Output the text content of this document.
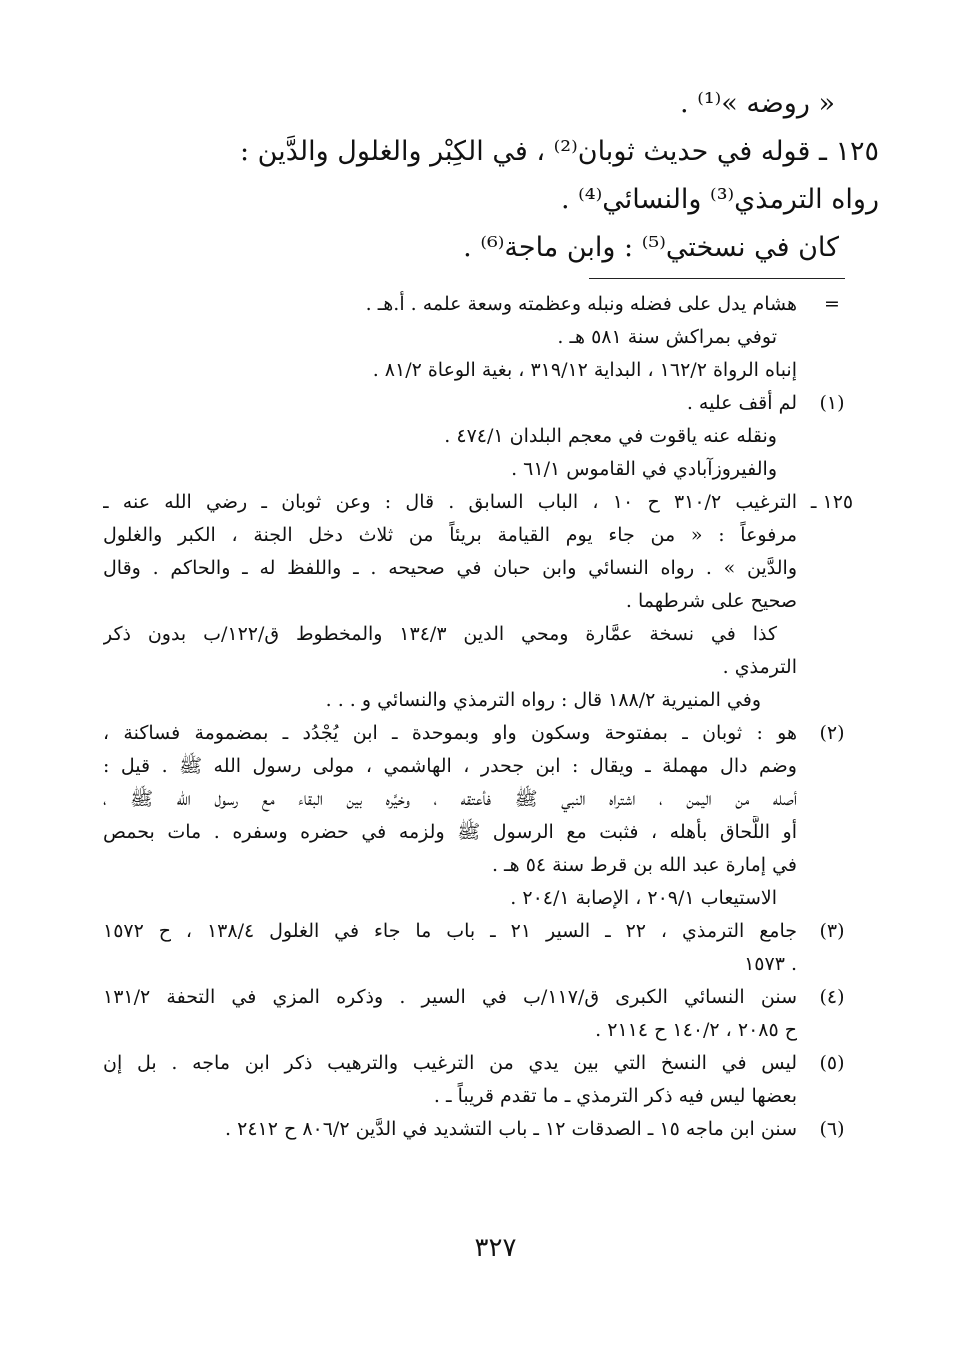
« روضه »⁽¹⁾ .

١٢٥ ـ قوله في حديث ثوبان⁽²⁾ ، في الكِبْر والغلول والدَّين :

رواه الترمذي⁽³⁾ والنسائي⁽⁴⁾ .

كان في نسختي⁽⁵⁾ : وابن ماجة⁽⁶⁾ .

=
هشام يدل على فضله ونبله وعظمته وسعة علمه . أ.هـ .
توفي بمراكش سنة ٥٨١ هـ .
إنباه الرواة ١٦٢/٢ ، البداية ٣١٩/١٢ ، بغية الوعاة ٨١/٢ .
(١)
لم أقف عليه .
ونقله عنه ياقوت في معجم البلدان ٤٧٤/١ .
والفيروزآبادي في القاموس ٦١/١ .
١٢٥ ـ
الترغيب ٣١٠/٢ ح ١٠ ، الباب السابق . قال : وعن ثوبان ـ رضي الله عنه ـ
مرفوعاً : « من جاء يوم القيامة بريئاً من ثلاث دخل الجنة ، الكبر والغلول
والدَّين » . رواه النسائي وابن حبان في صحيحه . ـ واللفظ له ـ والحاكم . وقال
صحيح على شرطهما .
كذا في نسخة عمَّارة ومحي الدين ١٣٤/٣ والمخطوط ق/١٢٢/ب بدون ذكر
الترمذي .
وفي المنيرية ١٨٨/٢ قال : رواه الترمذي والنسائي و . . .
(٢)
هو : ثوبان ـ بمفتوحة وسكون واو وبموحدة ـ ابن يُجْدُد ـ بمضمومة فساكنة ،
وضم دال مهملة ـ ويقال : ابن جحدر ، الهاشمي ، مولى رسول الله ﷺ . قيل :
أصله من اليمن ، اشتراه النبي ﷺ فأعتقه ، وخيَّره بين البقاء مع رسول الله ﷺ ،
أو اللَّحاق بأهله ، فثبت مع الرسول ﷺ ولزمه في حضره وسفره . مات بحمص
في إمارة عبد الله بن قرط سنة ٥٤ هـ .
الاستيعاب ٢٠٩/١ ، الإصابة ٢٠٤/١ .
(٣)
جامع الترمذي ، ٢٢ ـ السير ٢١ ـ باب ما جاء في الغلول ١٣٨/٤ ، ح ١٥٧٢
. ١٥٧٣
(٤)
سنن النسائي الكبرى ق/١١٧/ب في السير . وذكره المزي في التحفة ١٣١/٢
ح ٢٠٨٥ ، ١٤٠/٢ ح ٢١١٤ .
(٥)
ليس في النسخ التي بين يدي من الترغيب والترهيب ذكر ابن ماجه . بل إن
بعضها ليس فيه ذكر الترمذي ـ ما تقدم قريباً ـ .
(٦)
سنن ابن ماجه ١٥ ـ الصدقات ١٢ ـ باب التشديد في الدَّين ٨٠٦/٢ ح ٢٤١٢ .
٣٢٧
